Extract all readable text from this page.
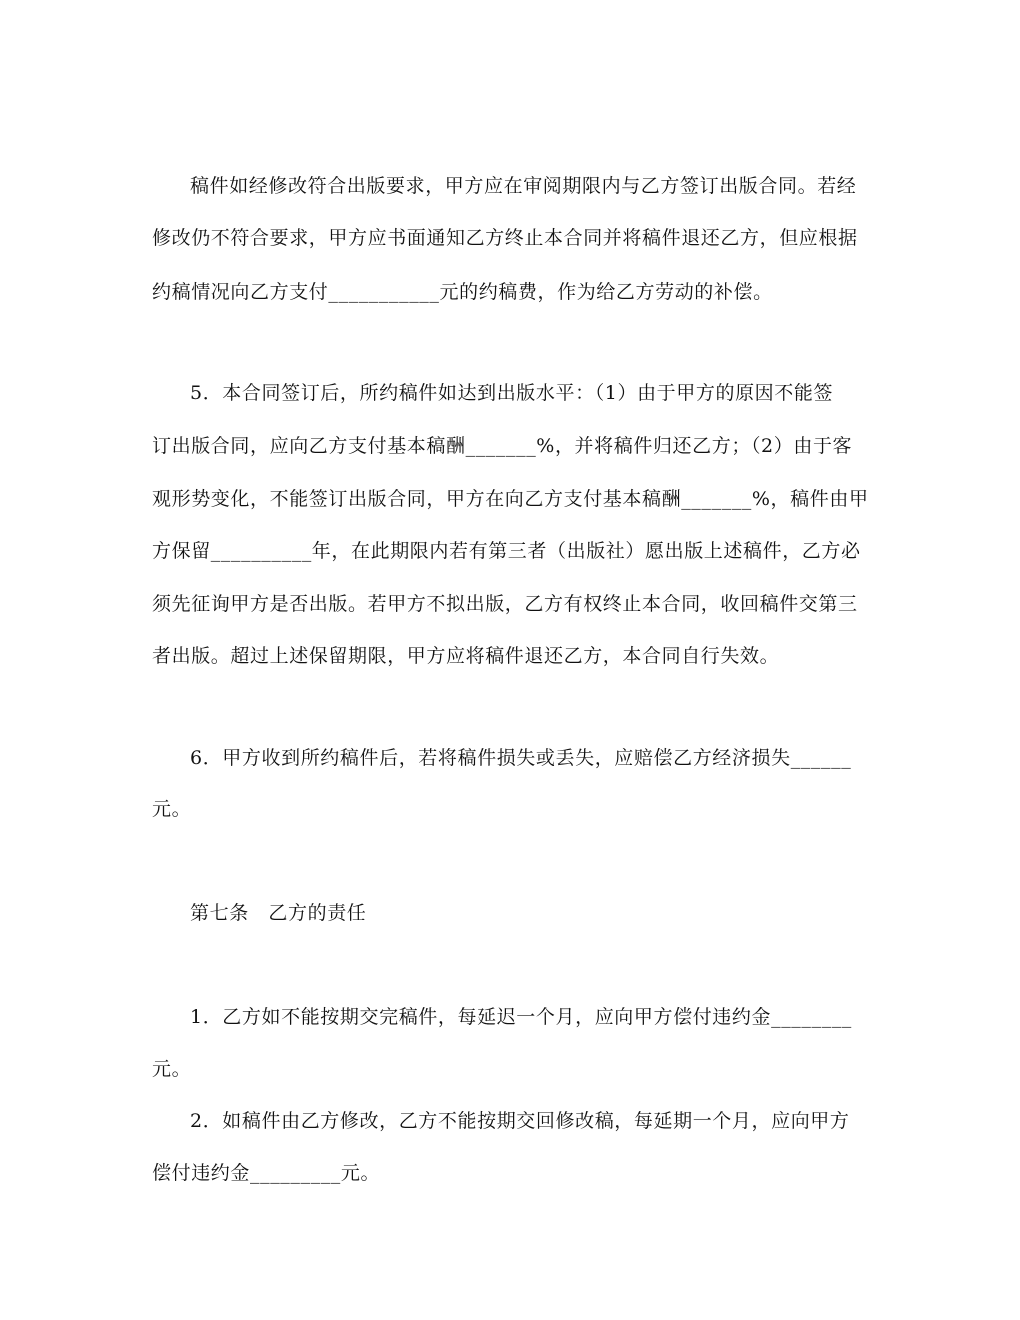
稿件如经修改符合出版要求，甲方应在审阅期限内与乙方签订出版合同。若经
修改仍不符合要求，甲方应书面通知乙方终止本合同并将稿件退还乙方，但应根据
约稿情况向乙方支付___________元的约稿费，作为给乙方劳动的补偿。
5．本合同签订后，所约稿件如达到出版水平：（1）由于甲方的原因不能签
订出版合同，应向乙方支付基本稿酬_______%，并将稿件归还乙方；（2）由于客
观形势变化，不能签订出版合同，甲方在向乙方支付基本稿酬_______%，稿件由甲
方保留__________年，在此期限内若有第三者（出版社）愿出版上述稿件，乙方必
须先征询甲方是否出版。若甲方不拟出版，乙方有权终止本合同，收回稿件交第三
者出版。超过上述保留期限，甲方应将稿件退还乙方，本合同自行失效。
6．甲方收到所约稿件后，若将稿件损失或丢失，应赔偿乙方经济损失______
元。
第七条　乙方的责任
1．乙方如不能按期交完稿件，每延迟一个月，应向甲方偿付违约金________
元。
2．如稿件由乙方修改，乙方不能按期交回修改稿，每延期一个月，应向甲方
偿付违约金_________元。
